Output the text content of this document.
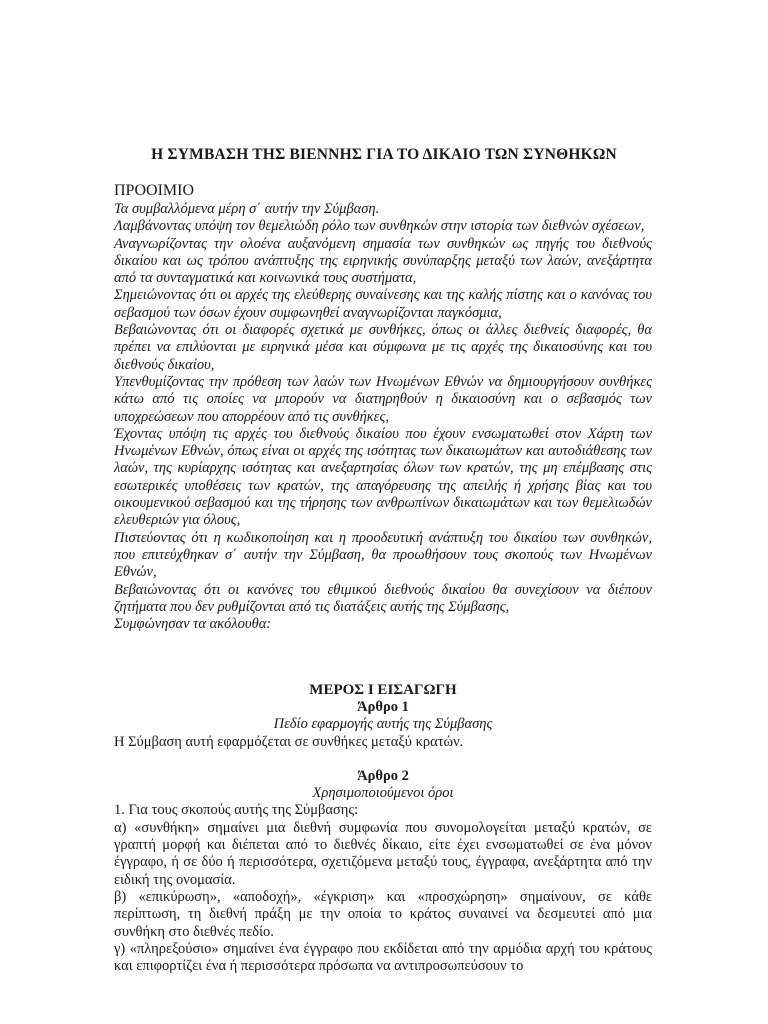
Η ΣΥΜΒΑΣΗ ΤΗΣ ΒΙΕΝΝΗΣ ΓΙΑ ΤΟ ΔΙΚΑΙΟ ΤΩΝ ΣΥΝΘΗΚΩΝ
ΠΡΟΟΙΜΙΟ

Τα συμβαλλόμενα μέρη σ΄ αυτήν την Σύμβαση.

Λαμβάνοντας υπόψη τον θεμελιώδη ρόλο των συνθηκών στην ιστορία των διεθνών σχέσεων,

Αναγνωρίζοντας την ολοένα αυξανόμενη σημασία των συνθηκών ως πηγής του διεθνούς δικαίου και ως τρόπου ανάπτυξης της ειρηνικής συνύπαρξης μεταξύ των λαών, ανεξάρτητα από τα συνταγματικά και κοινωνικά τους συστήματα,

Σημειώνοντας ότι οι αρχές της ελεύθερης συναίνεσης και της καλής πίστης και ο κανόνας του σεβασμού των όσων έχουν συμφωνηθεί αναγνωρίζονται παγκόσμια,

Βεβαιώνοντας ότι οι διαφορές σχετικά με συνθήκες, όπως οι άλλες διεθνείς διαφορές, θα πρέπει να επιλύονται με ειρηνικά μέσα και σύμφωνα με τις αρχές της δικαιοσύνης και του διεθνούς δικαίου,

Υπενθυμίζοντας την πρόθεση των λαών των Ηνωμένων Εθνών να δημιουργήσουν συνθήκες κάτω από τις οποίες να μπορούν να διατηρηθούν η δικαιοσύνη και ο σεβασμός των υποχρεώσεων που απορρέουν από τις συνθήκες,

Έχοντας υπόψη τις αρχές του διεθνούς δικαίου που έχουν ενσωματωθεί στον Χάρτη των Ηνωμένων Εθνών, όπως είναι οι αρχές της ισότητας των δικαιωμάτων και αυτοδιάθεσης των λαών, της κυρίαρχης ισότητας και ανεξαρτησίας όλων των κρατών, της μη επέμβασης στις εσωτερικές υποθέσεις των κρατών, της απαγόρευσης της απειλής ή χρήσης βίας και του οικουμενικού σεβασμού και της τήρησης των ανθρωπίνων δικαιωμάτων και των θεμελιωδών ελευθεριών για όλους,

Πιστεύοντας ότι η κωδικοποίηση και η προοδευτική ανάπτυξη του δικαίου των συνθηκών, που επιτεύχθηκαν σ΄ αυτήν την Σύμβαση, θα προωθήσουν τους σκοπούς των Ηνωμένων Εθνών,

Βεβαιώνοντας ότι οι κανόνες του εθιμικού διεθνούς δικαίου θα συνεχίσουν να διέπουν ζητήματα που δεν ρυθμίζονται από τις διατάξεις αυτής της Σύμβασης,

Συμφώνησαν τα ακόλουθα:

ΜΕΡΟΣ Ι ΕΙΣΑΓΩΓΗ
Άρθρο 1
Πεδίο εφαρμογής αυτής της Σύμβασης

Η Σύμβαση αυτή εφαρμόζεται σε συνθήκες μεταξύ κρατών.

Άρθρο 2
Χρησιμοποιούμενοι όροι

1. Για τους σκοπούς αυτής της Σύμβασης:

α) «συνθήκη» σημαίνει μια διεθνή συμφωνία που συνομολογείται μεταξύ κρατών, σε γραπτή μορφή και διέπεται από το διεθνές δίκαιο, είτε έχει ενσωματωθεί σε ένα μόνον έγγραφο, ή σε δύο ή περισσότερα, σχετιζόμενα μεταξύ τους, έγγραφα, ανεξάρτητα από την ειδική της ονομασία.

β) «επικύρωση», «αποδοχή», «έγκριση» και «προσχώρηση» σημαίνουν, σε κάθε περίπτωση, τη διεθνή πράξη με την οποία το κράτος συναινεί να δεσμευτεί από μια συνθήκη στο διεθνές πεδίο.

γ) «πληρεξούσιο» σημαίνει ένα έγγραφο που εκδίδεται από την αρμόδια αρχή του κράτους και επιφορτίζει ένα ή περισσότερα πρόσωπα να αντιπροσωπεύσουν το
